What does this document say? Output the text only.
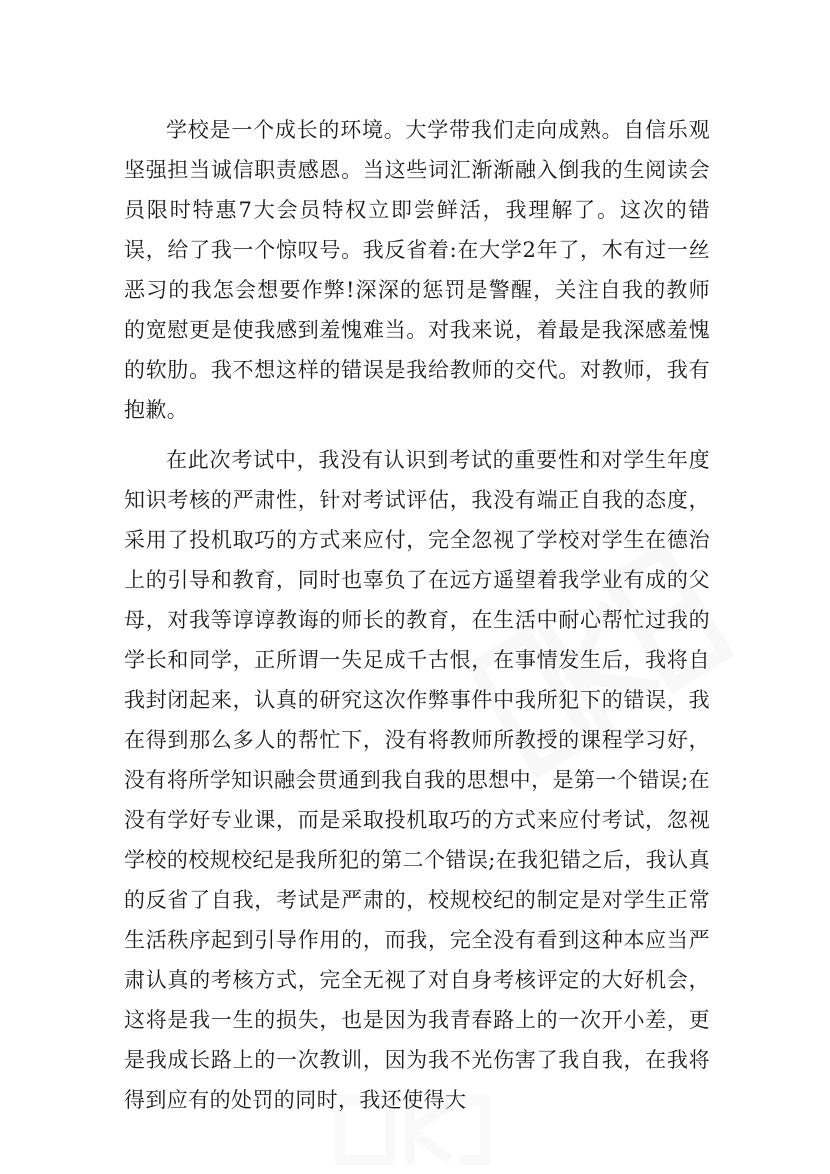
学校是一个成长的环境。大学带我们走向成熟。自信乐观坚强担当诚信职责感恩。当这些词汇渐渐融入倒我的生阅读会员限时特惠7大会员特权立即尝鲜活，我理解了。这次的错误，给了我一个惊叹号。我反省着:在大学2年了，木有过一丝恶习的我怎会想要作弊!深深的惩罚是警醒，关注自我的教师的宽慰更是使我感到羞愧难当。对我来说，着最是我深感羞愧的软肋。我不想这样的错误是我给教师的交代。对教师，我有抱歉。

在此次考试中，我没有认识到考试的重要性和对学生年度知识考核的严肃性，针对考试评估，我没有端正自我的态度，采用了投机取巧的方式来应付，完全忽视了学校对学生在德治上的引导和教育，同时也辜负了在远方遥望着我学业有成的父母，对我等谆谆教诲的师长的教育，在生活中耐心帮忙过我的学长和同学，正所谓一失足成千古恨，在事情发生后，我将自我封闭起来，认真的研究这次作弊事件中我所犯下的错误，我在得到那么多人的帮忙下，没有将教师所教授的课程学习好，没有将所学知识融会贯通到我自我的思想中，是第一个错误;在没有学好专业课，而是采取投机取巧的方式来应付考试，忽视学校的校规校纪是我所犯的第二个错误;在我犯错之后，我认真的反省了自我，考试是严肃的，校规校纪的制定是对学生正常生活秩序起到引导作用的，而我，完全没有看到这种本应当严肃认真的考核方式，完全无视了对自身考核评定的大好机会，这将是我一生的损失，也是因为我青春路上的一次开小差，更是我成长路上的一次教训，因为我不光伤害了我自我，在我将得到应有的处罚的同时，我还使得大
